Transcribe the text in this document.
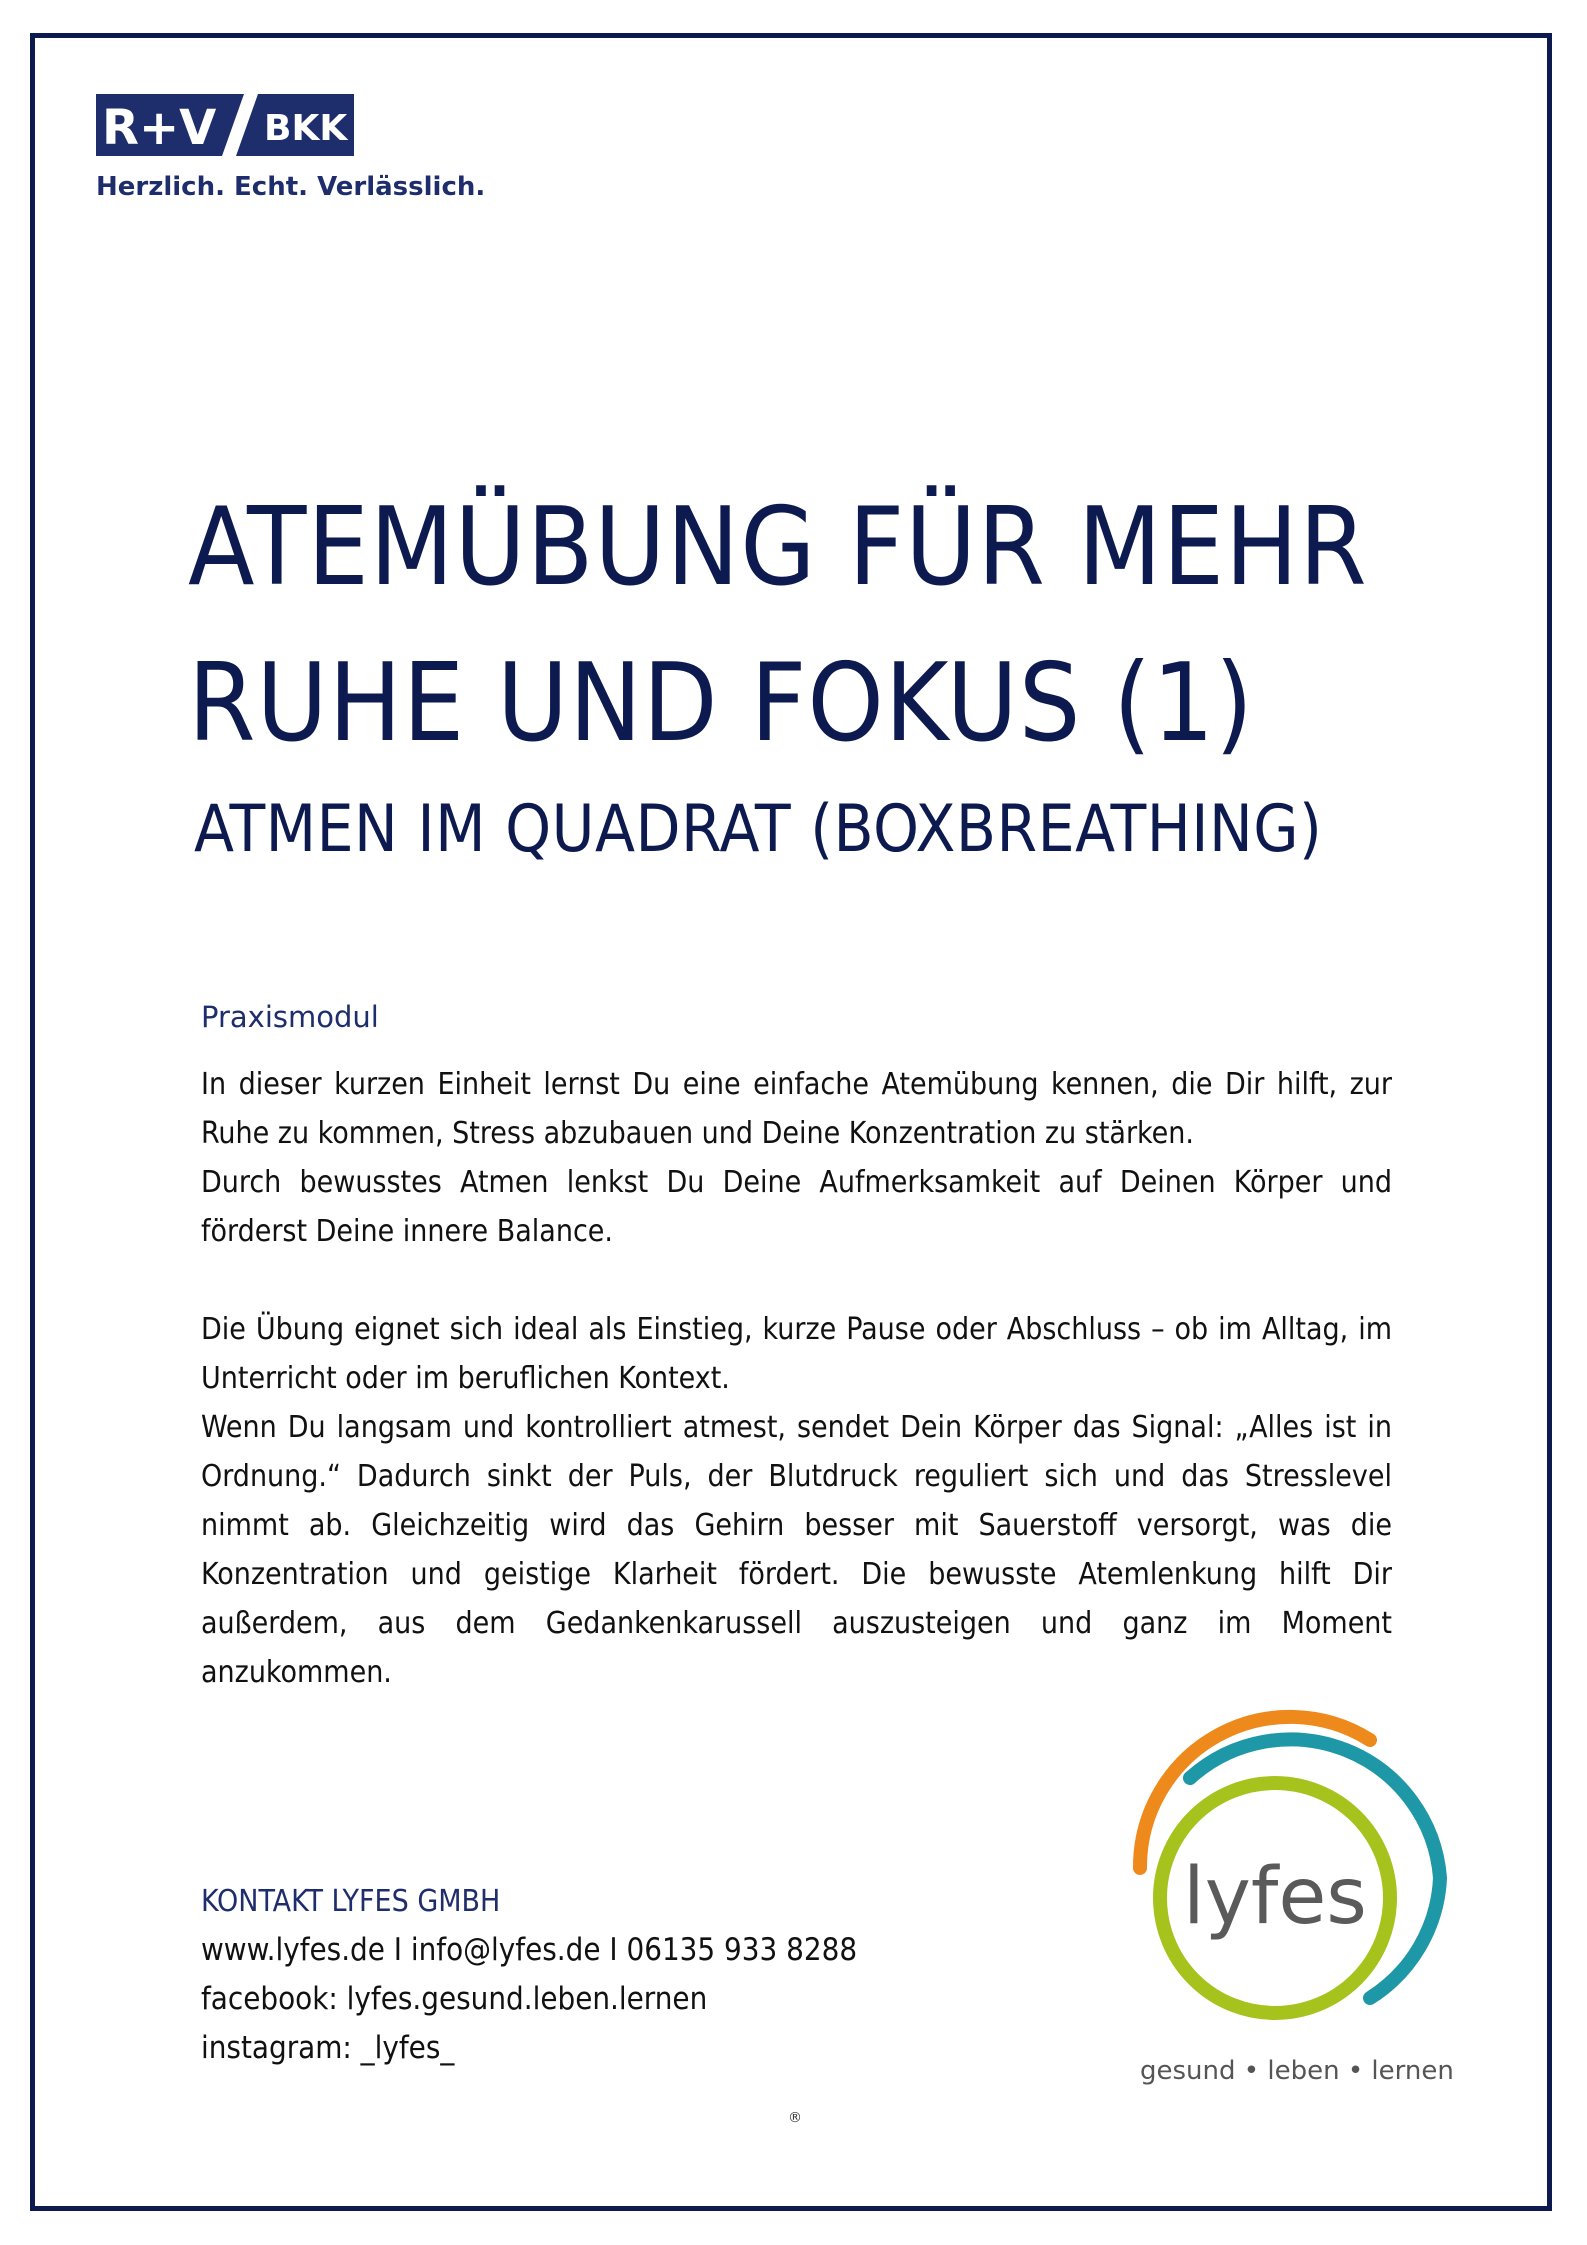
R+V BKK
Herzlich. Echt. Verlässlich.
ATEMÜBUNG FÜR MEHR
RUHE UND FOKUS (1)
ATMEN IM QUADRAT (BOXBREATHING)
Praxismodul

In dieser kurzen Einheit lernst Du eine einfache Atemübung kennen, die Dir hilft, zur Ruhe zu kommen, Stress abzubauen und Deine Konzentration zu stärken.

Durch bewusstes Atmen lenkst Du Deine Aufmerksamkeit auf Deinen Körper und förderst Deine innere Balance.

Die Übung eignet sich ideal als Einstieg, kurze Pause oder Abschluss – ob im Alltag, im Unterricht oder im beruflichen Kontext.

Wenn Du langsam und kontrolliert atmest, sendet Dein Körper das Signal: „Alles ist in Ordnung.“ Dadurch sinkt der Puls, der Blutdruck reguliert sich und das Stresslevel nimmt ab. Gleichzeitig wird das Gehirn besser mit Sauerstoff versorgt, was die Konzentration und geistige Klarheit fördert. Die bewusste Atemlenkung hilft Dir außerdem, aus dem Gedankenkarussell auszusteigen und ganz im Moment anzukommen.

KONTAKT LYFES GMBH
www.lyfes.de I info@lyfes.de I 06135 933 8288
facebook: lyfes.gesund.leben.lernen
instagram: _lyfes_
lyfes
gesund • leben • lernen
®
